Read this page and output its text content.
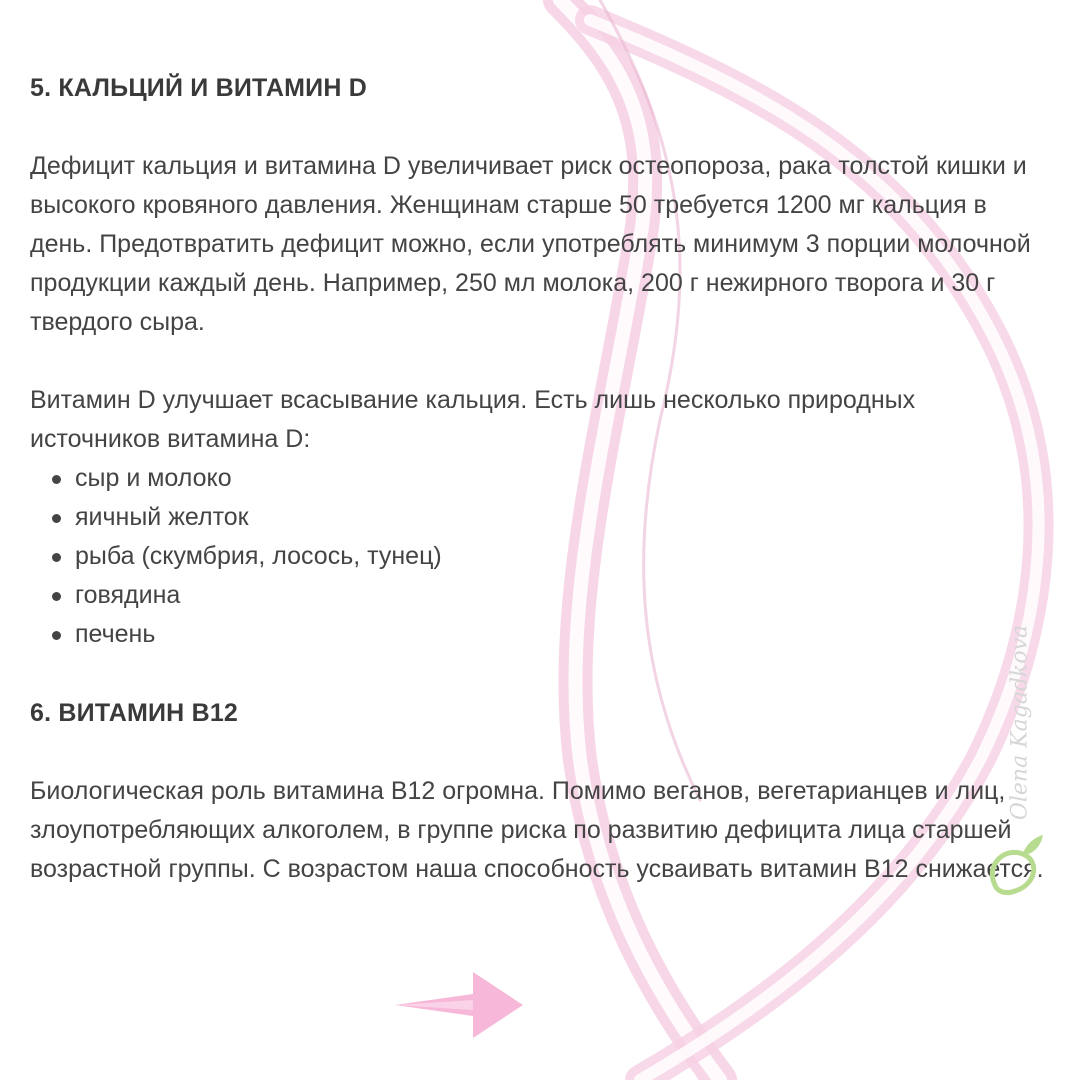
5. КАЛЬЦИЙ И ВИТАМИН D

Дефицит кальция и витамина D увеличивает риск остеопороза, рака толстой кишки и высокого кровяного давления. Женщинам старше 50 требуется 1200 мг кальция в день. Предотвратить дефицит можно, если употреблять минимум 3 порции молочной продукции каждый день. Например, 250 мл молока, 200 г нежирного творога и 30 г твердого сыра.

Витамин D улучшает всасывание кальция. Есть лишь несколько природных источников витамина D:

сыр и молоко
яичный желток
рыба (скумбрия, лосось, тунец)
говядина
печень
6. ВИТАМИН B12

Биологическая роль витамина B12 огромна. Помимо веганов, вегетарианцев и лиц, злоупотребляющих алкоголем, в группе риска по развитию дефицита лица старшей возрастной группы. С возрастом наша способность усваивать витамин B12 снижается.

Olena Kagadkova
